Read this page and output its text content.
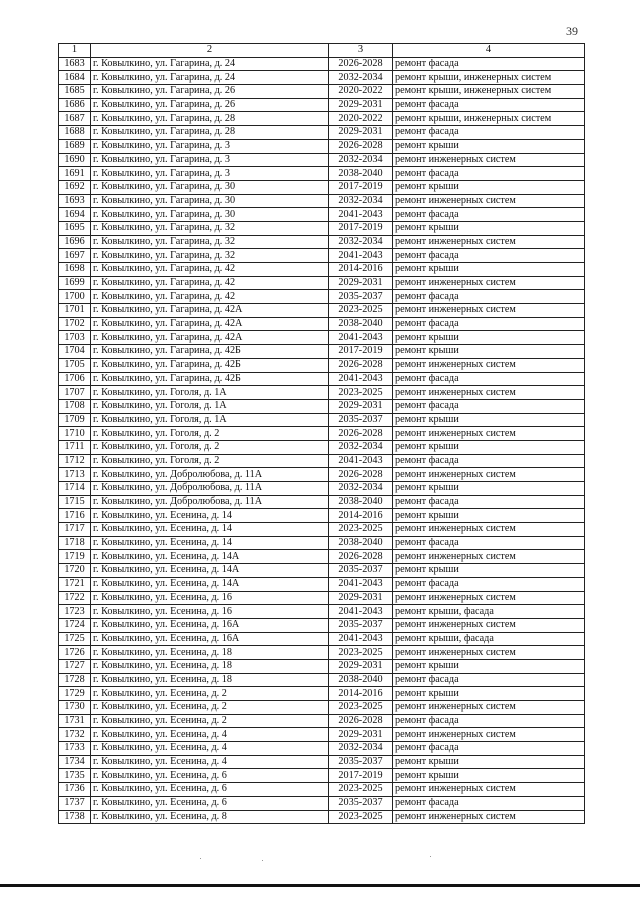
39
1	2	3	4
1683	г. Ковылкино, ул. Гагарина, д. 24	2026-2028	ремонт фасада
1684	г. Ковылкино, ул. Гагарина, д. 24	2032-2034	ремонт крыши, инженерных систем
1685	г. Ковылкино, ул. Гагарина, д. 26	2020-2022	ремонт крыши, инженерных систем
1686	г. Ковылкино, ул. Гагарина, д. 26	2029-2031	ремонт фасада
1687	г. Ковылкино, ул. Гагарина, д. 28	2020-2022	ремонт крыши, инженерных систем
1688	г. Ковылкино, ул. Гагарина, д. 28	2029-2031	ремонт фасада
1689	г. Ковылкино, ул. Гагарина, д. 3	2026-2028	ремонт крыши
1690	г. Ковылкино, ул. Гагарина, д. 3	2032-2034	ремонт инженерных систем
1691	г. Ковылкино, ул. Гагарина, д. 3	2038-2040	ремонт фасада
1692	г. Ковылкино, ул. Гагарина, д. 30	2017-2019	ремонт крыши
1693	г. Ковылкино, ул. Гагарина, д. 30	2032-2034	ремонт инженерных систем
1694	г. Ковылкино, ул. Гагарина, д. 30	2041-2043	ремонт фасада
1695	г. Ковылкино, ул. Гагарина, д. 32	2017-2019	ремонт крыши
1696	г. Ковылкино, ул. Гагарина, д. 32	2032-2034	ремонт инженерных систем
1697	г. Ковылкино, ул. Гагарина, д. 32	2041-2043	ремонт фасада
1698	г. Ковылкино, ул. Гагарина, д. 42	2014-2016	ремонт крыши
1699	г. Ковылкино, ул. Гагарина, д. 42	2029-2031	ремонт инженерных систем
1700	г. Ковылкино, ул. Гагарина, д. 42	2035-2037	ремонт фасада
1701	г. Ковылкино, ул. Гагарина, д. 42А	2023-2025	ремонт инженерных систем
1702	г. Ковылкино, ул. Гагарина, д. 42А	2038-2040	ремонт фасада
1703	г. Ковылкино, ул. Гагарина, д. 42А	2041-2043	ремонт крыши
1704	г. Ковылкино, ул. Гагарина, д. 42Б	2017-2019	ремонт крыши
1705	г. Ковылкино, ул. Гагарина, д. 42Б	2026-2028	ремонт инженерных систем
1706	г. Ковылкино, ул. Гагарина, д. 42Б	2041-2043	ремонт фасада
1707	г. Ковылкино, ул. Гоголя, д. 1А	2023-2025	ремонт инженерных систем
1708	г. Ковылкино, ул. Гоголя, д. 1А	2029-2031	ремонт фасада
1709	г. Ковылкино, ул. Гоголя, д. 1А	2035-2037	ремонт крыши
1710	г. Ковылкино, ул. Гоголя, д. 2	2026-2028	ремонт инженерных систем
1711	г. Ковылкино, ул. Гоголя, д. 2	2032-2034	ремонт крыши
1712	г. Ковылкино, ул. Гоголя, д. 2	2041-2043	ремонт фасада
1713	г. Ковылкино, ул. Добролюбова, д. 11А	2026-2028	ремонт инженерных систем
1714	г. Ковылкино, ул. Добролюбова, д. 11А	2032-2034	ремонт крыши
1715	г. Ковылкино, ул. Добролюбова, д. 11А	2038-2040	ремонт фасада
1716	г. Ковылкино, ул. Есенина, д. 14	2014-2016	ремонт крыши
1717	г. Ковылкино, ул. Есенина, д. 14	2023-2025	ремонт инженерных систем
1718	г. Ковылкино, ул. Есенина, д. 14	2038-2040	ремонт фасада
1719	г. Ковылкино, ул. Есенина, д. 14А	2026-2028	ремонт инженерных систем
1720	г. Ковылкино, ул. Есенина, д. 14А	2035-2037	ремонт крыши
1721	г. Ковылкино, ул. Есенина, д. 14А	2041-2043	ремонт фасада
1722	г. Ковылкино, ул. Есенина, д. 16	2029-2031	ремонт инженерных систем
1723	г. Ковылкино, ул. Есенина, д. 16	2041-2043	ремонт крыши, фасада
1724	г. Ковылкино, ул. Есенина, д. 16А	2035-2037	ремонт инженерных систем
1725	г. Ковылкино, ул. Есенина, д. 16А	2041-2043	ремонт крыши, фасада
1726	г. Ковылкино, ул. Есенина, д. 18	2023-2025	ремонт инженерных систем
1727	г. Ковылкино, ул. Есенина, д. 18	2029-2031	ремонт крыши
1728	г. Ковылкино, ул. Есенина, д. 18	2038-2040	ремонт фасада
1729	г. Ковылкино, ул. Есенина, д. 2	2014-2016	ремонт крыши
1730	г. Ковылкино, ул. Есенина, д. 2	2023-2025	ремонт инженерных систем
1731	г. Ковылкино, ул. Есенина, д. 2	2026-2028	ремонт фасада
1732	г. Ковылкино, ул. Есенина, д. 4	2029-2031	ремонт инженерных систем
1733	г. Ковылкино, ул. Есенина, д. 4	2032-2034	ремонт фасада
1734	г. Ковылкино, ул. Есенина, д. 4	2035-2037	ремонт крыши
1735	г. Ковылкино, ул. Есенина, д. 6	2017-2019	ремонт крыши
1736	г. Ковылкино, ул. Есенина, д. 6	2023-2025	ремонт инженерных систем
1737	г. Ковылкино, ул. Есенина, д. 6	2035-2037	ремонт фасада
1738	г. Ковылкино, ул. Есенина, д. 8	2023-2025	ремонт инженерных систем
